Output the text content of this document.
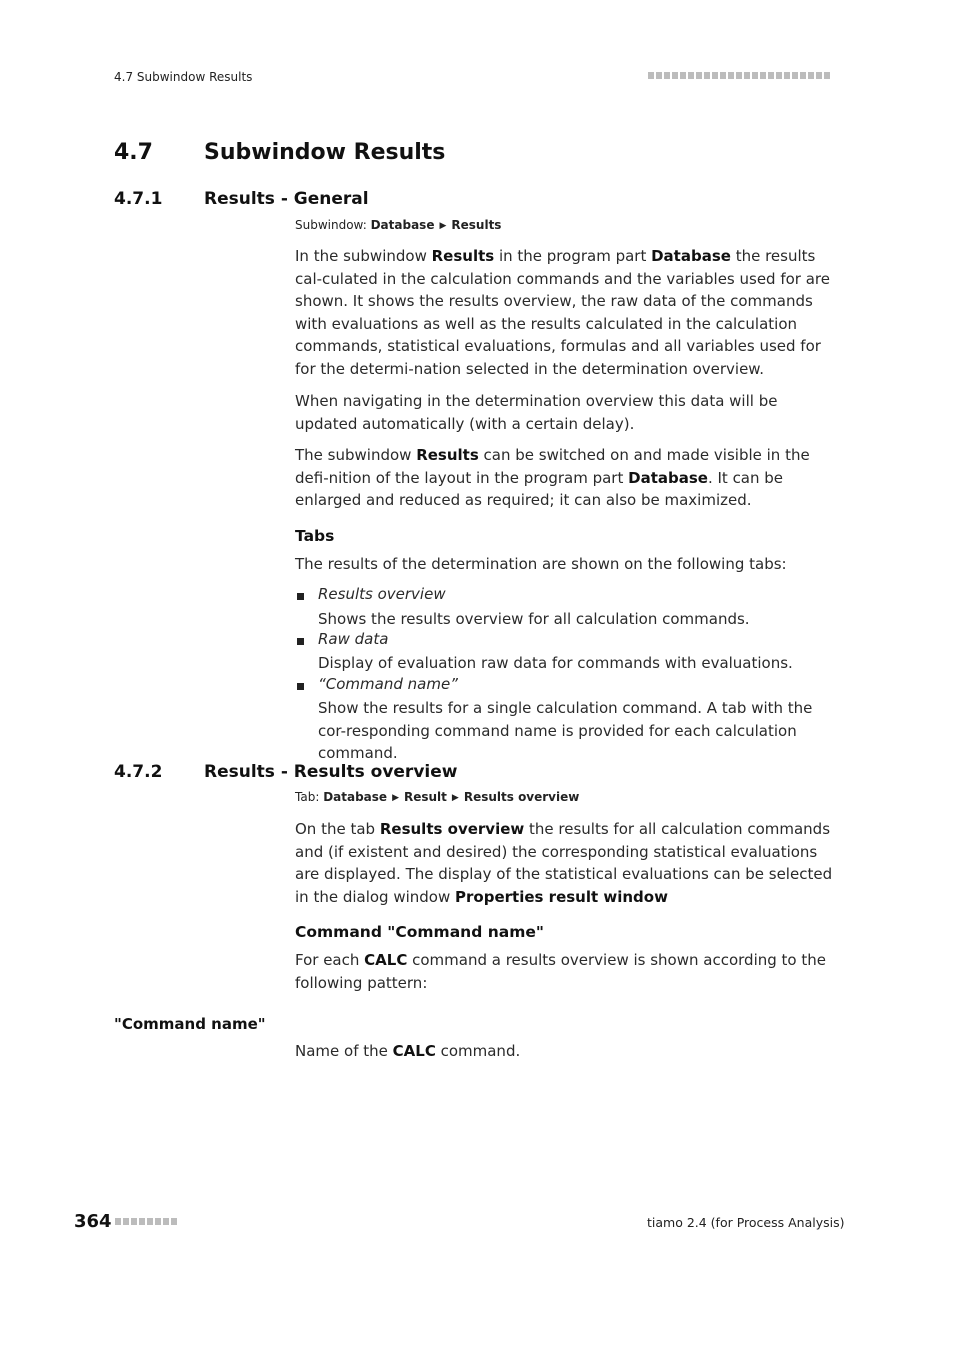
4.7 Subwindow Results
4.7 Subwindow Results
4.7.1 Results - General
Subwindow: Database ▶ Results
In the subwindow Results in the program part Database the results cal-culated in the calculation commands and the variables used for are shown. It shows the results overview, the raw data of the commands with evaluations as well as the results calculated in the calculation commands, statistical evaluations, formulas and all variables used for for the determi-nation selected in the determination overview.
When navigating in the determination overview this data will be updated automatically (with a certain delay).
The subwindow Results can be switched on and made visible in the defi-nition of the layout in the program part Database. It can be enlarged and reduced as required; it can also be maximized.
Tabs
The results of the determination are shown on the following tabs:
Results overview
Shows the results overview for all calculation commands.
Raw data
Display of evaluation raw data for commands with evaluations.
“Command name”
Show the results for a single calculation command. A tab with the cor-responding command name is provided for each calculation command.
4.7.2 Results - Results overview
Tab: Database ▶ Result ▶ Results overview
On the tab Results overview the results for all calculation commands and (if existent and desired) the corresponding statistical evaluations are displayed. The display of the statistical evaluations can be selected in the dialog window Properties result window
Command "Command name"
For each CALC command a results overview is shown according to the following pattern:
"Command name"
Name of the CALC command.
364	tiamo 2.4 (for Process Analysis)
